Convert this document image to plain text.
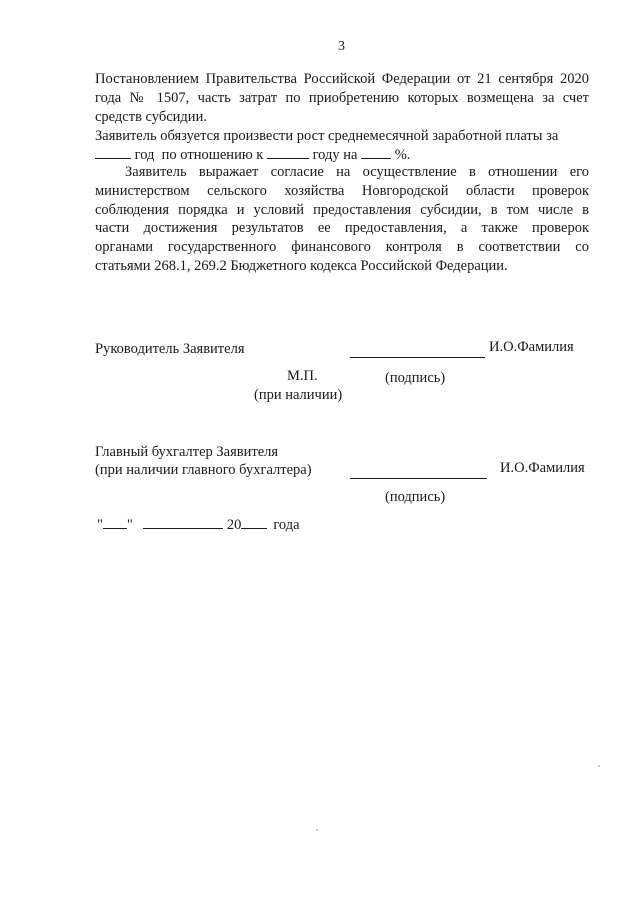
3
Постановлением Правительства Российской Федерации от 21 сентября 2020
года № 1507, часть затрат по приобретению которых возмещена за счет
средств субсидии.
Заявитель обязуется произвести рост среднемесячной заработной платы за
год  по отношению к	году на  %.
Заявитель выражает согласие на осуществление в отношении его
министерством сельского хозяйства Новгородской области проверок
соблюдения порядка и условий предоставления субсидии, в том числе в
части достижения результатов ее предоставления, а также проверок
органами государственного финансового контроля в соответствии со
статьями 268.1, 269.2 Бюджетного кодекса Российской Федерации.
Руководитель Заявителя	И.О.Фамилия
М.П.	(подпись)
(при наличии)
Главный бухгалтер Заявителя
(при наличии главного бухгалтера)	И.О.Фамилия
(подпись)
" "	20 года
